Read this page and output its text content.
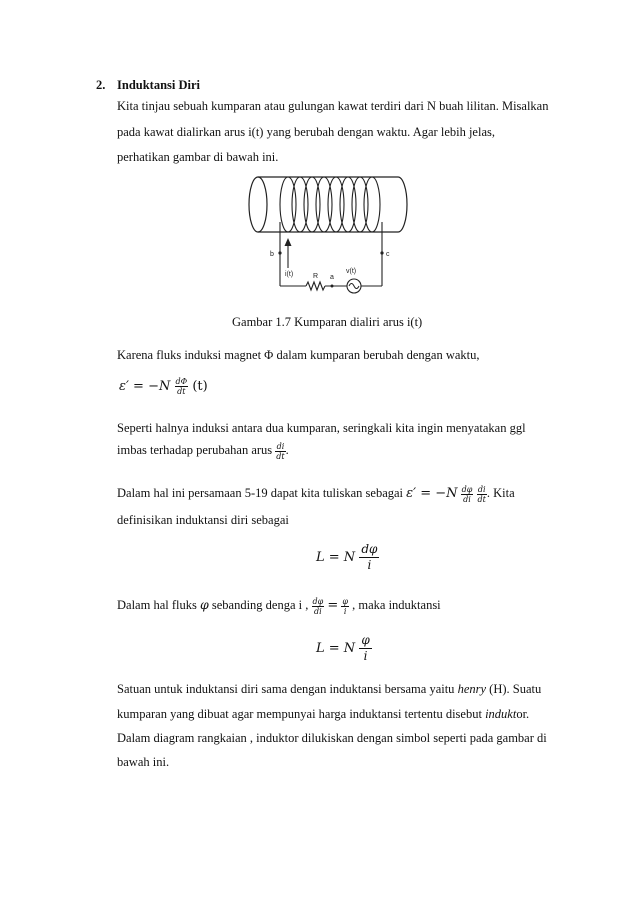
2. Induktansi Diri
Kita tinjau sebuah kumparan atau gulungan kawat terdiri dari N buah lilitan. Misalkan
pada kawat dialirkan arus i(t) yang berubah dengan waktu. Agar lebih jelas,
perhatikan gambar di bawah ini.
b	c
i(t)	R a
v(t)
Gambar 1.7 Kumparan dialiri arus i(t)
Karena fluks induksi magnet Φ dalam kumparan berubah dengan waktu,
$\varepsilon' = -N \frac{d\Phi}{dt} (t)$
Seperti halnya induksi antara dua kumparan, seringkali kita ingin menyatakan ggl
imbas terhadap perubahan arus $\frac{di}{dt}$ .
Dalam hal ini persamaan 5-19 dapat kita tuliskan sebagai $\varepsilon' = -N \frac{d\varphi}{di}$
$\frac{di}{dt}$ . Kita
definisikan induktansi diri sebagai
L = N $\frac{d\varphi}{i}$
Dalam hal fluks φ sebanding denga i , $\frac{d\varphi}{di} = \frac{\varphi}{i}$ , maka induktansi
L = N $\frac{\varphi}{i}$
Satuan untuk induktansi diri sama dengan induktansi bersama yaitu henry (H). Suatu
kumparan yang dibuat agar mempunyai harga induktansi tertentu disebut induktor.
Dalam diagram rangkaian , induktor dilukiskan dengan simbol seperti pada gambar di
bawah ini.
